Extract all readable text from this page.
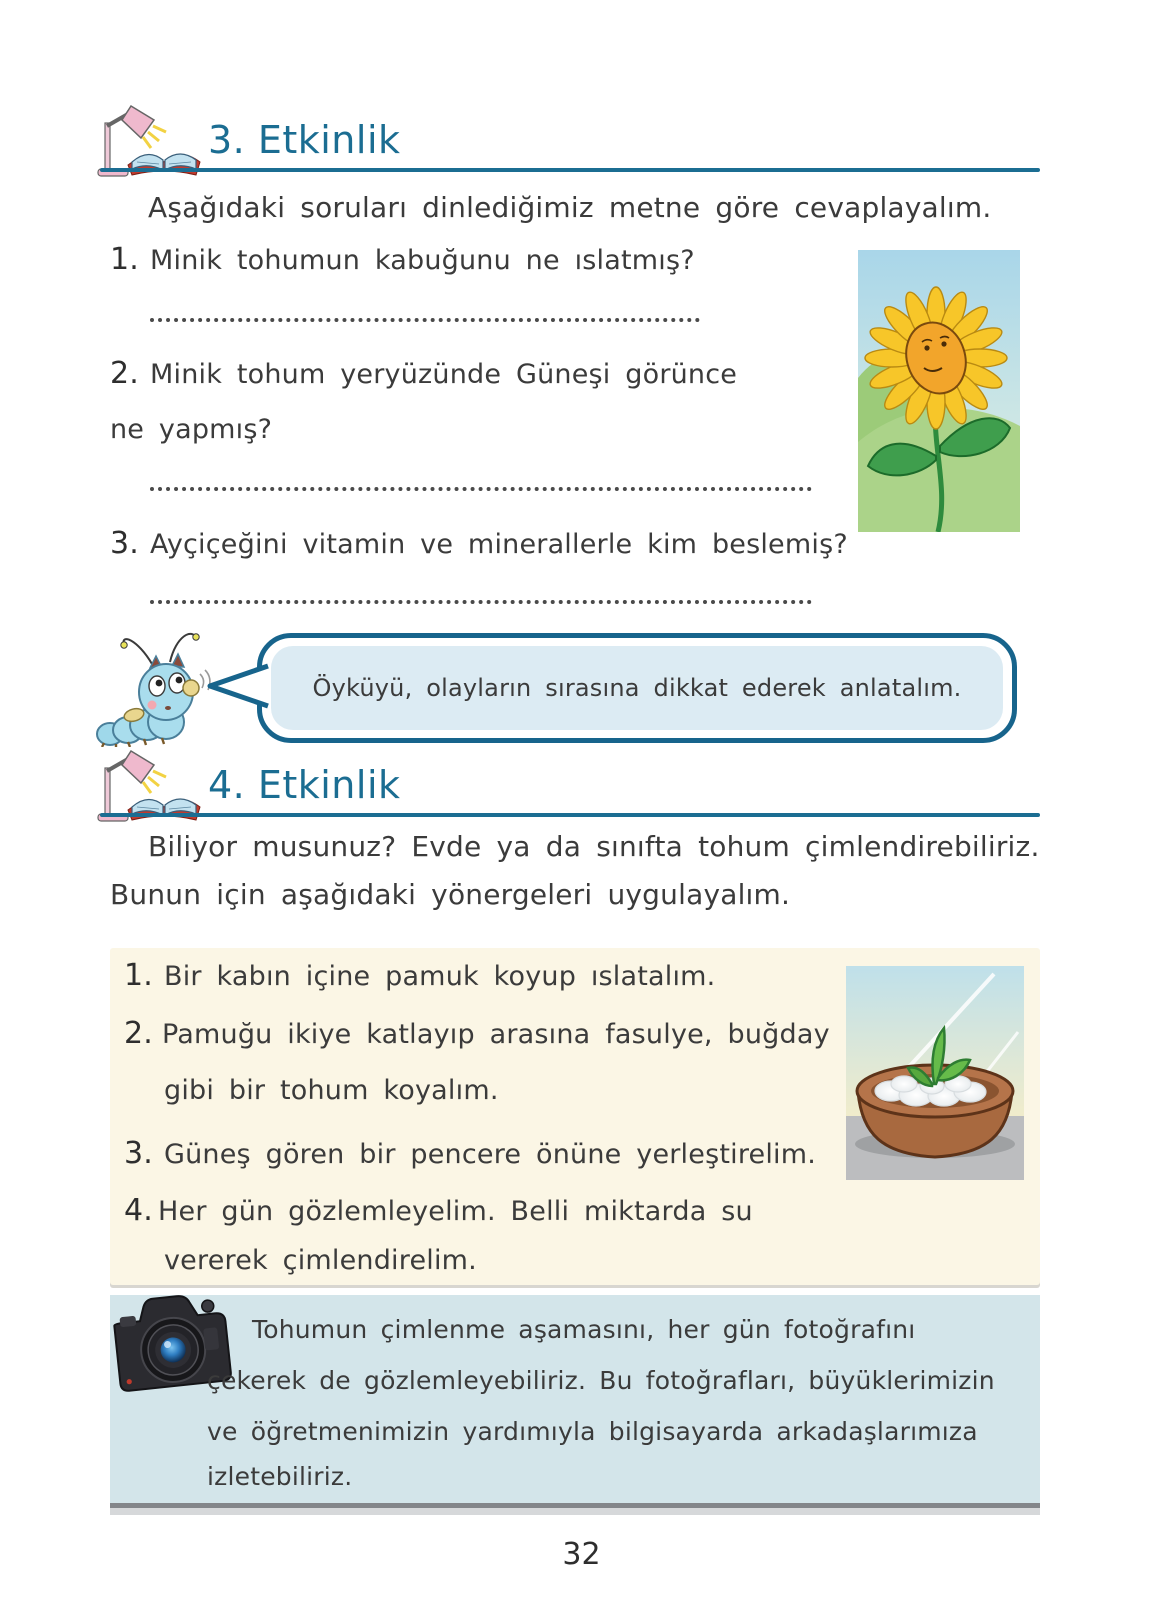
3. Etkinlik
Aşağıdaki soruları dinlediğimiz metne göre cevaplayalım.
1. Minik tohumun kabuğunu ne ıslatmış?
2. Minik tohum yeryüzünde Güneşi görünce
ne yapmış?
3. Ayçiçeğini vitamin ve minerallerle kim beslemiş?
Öyküyü, olayların sırasına dikkat ederek anlatalım.
4. Etkinlik
Biliyor musunuz? Evde ya da sınıfta tohum çimlendirebiliriz.
Bunun için aşağıdaki yönergeleri uygulayalım.
1. Bir kabın içine pamuk koyup ıslatalım.
2. Pamuğu ikiye katlayıp arasına fasulye, buğday
gibi bir tohum koyalım.
3. Güneş gören bir pencere önüne yerleştirelim.
4. Her gün gözlemleyelim. Belli miktarda su
vererek çimlendirelim.
Tohumun çimlenme aşamasını, her gün fotoğrafını
çekerek de gözlemleyebiliriz. Bu fotoğrafları, büyüklerimizin
ve öğretmenimizin yardımıyla bilgisayarda arkadaşlarımıza
izletebiliriz.
32
